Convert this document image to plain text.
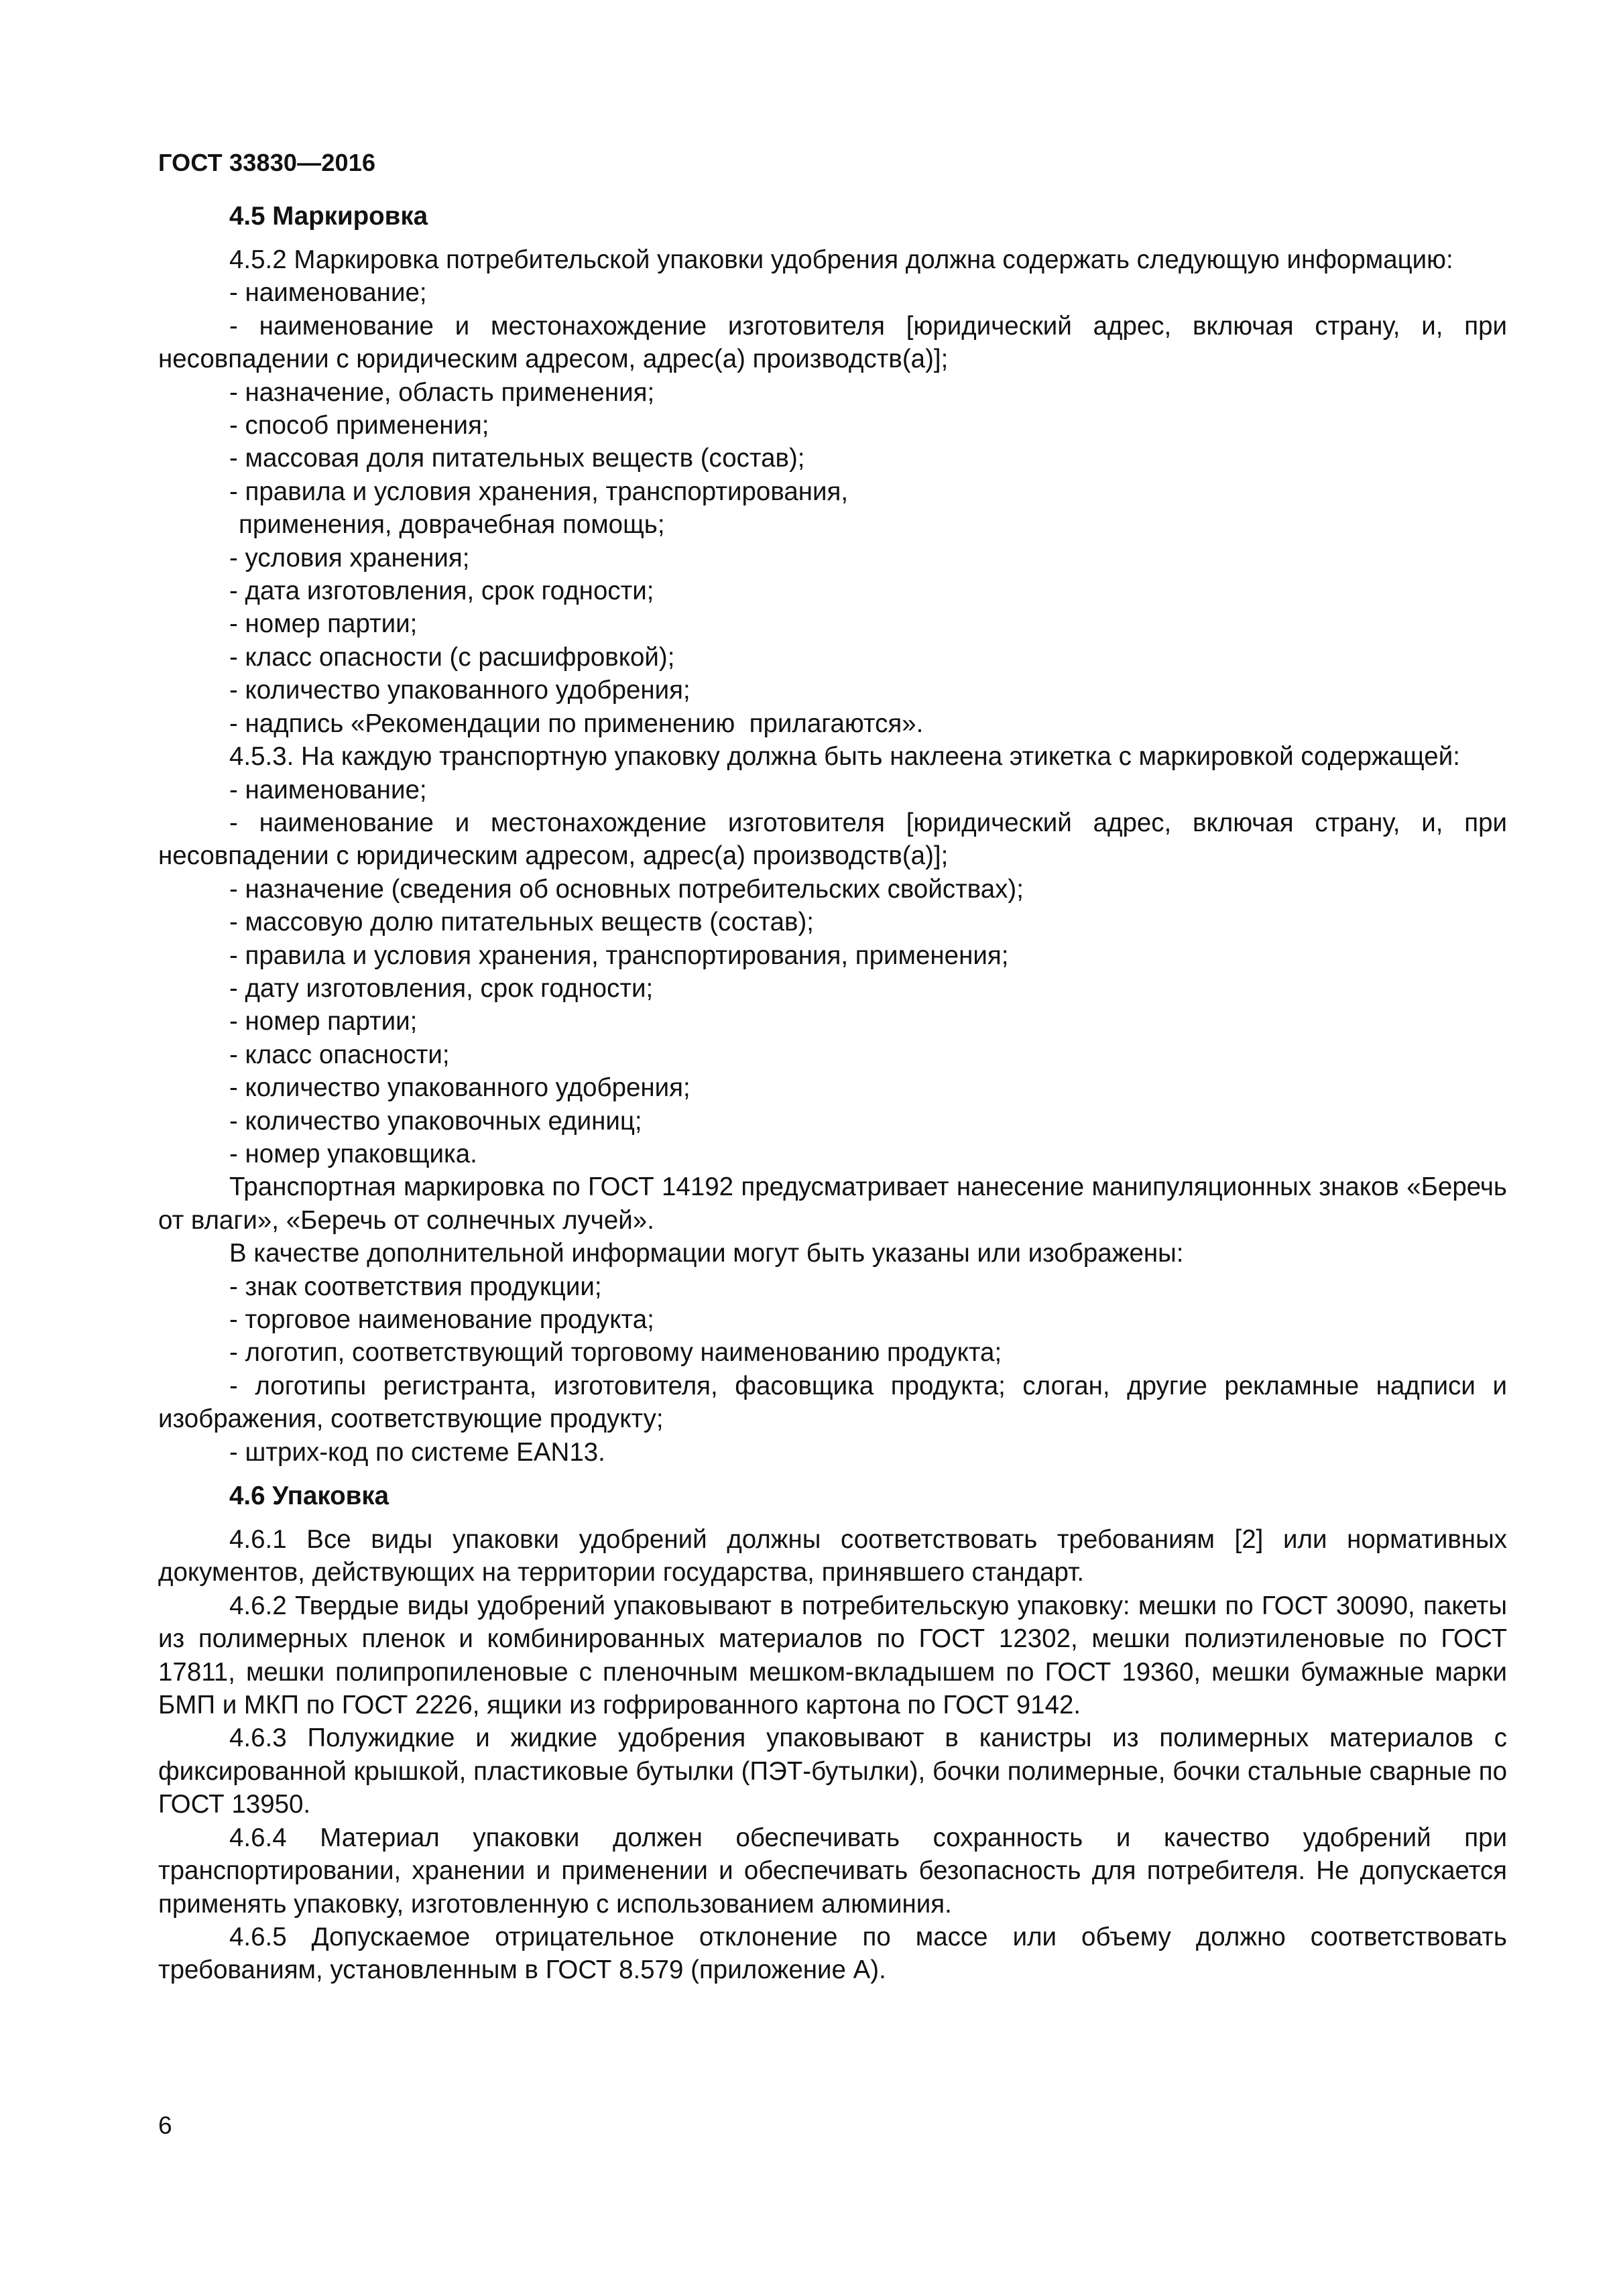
ГОСТ 33830—2016
4.5 Маркировка
4.5.2 Маркировка потребительской упаковки удобрения должна содержать следующую информацию:
- наименование;
- наименование и местонахождение изготовителя [юридический адрес, включая страну, и, при несовпадении с юридическим адресом, адрес(а) производств(а)];
- назначение, область применения;
- способ применения;
- массовая доля питательных веществ (состав);
- правила и условия хранения, транспортирования,
применения, доврачебная помощь;
- условия хранения;
- дата изготовления, срок годности;
- номер партии;
- класс опасности (с расшифровкой);
- количество упакованного удобрения;
- надпись «Рекомендации по применению  прилагаются».
4.5.3. На каждую транспортную упаковку должна быть наклеена этикетка с маркировкой содержащей:
- наименование;
- наименование и местонахождение изготовителя [юридический адрес, включая страну, и, при несовпадении с юридическим адресом, адрес(а) производств(а)];
- назначение (сведения об основных потребительских свойствах);
- массовую долю питательных веществ (состав);
- правила и условия хранения, транспортирования, применения;
- дату изготовления, срок годности;
- номер партии;
- класс опасности;
- количество упакованного удобрения;
- количество упаковочных единиц;
- номер упаковщика.
Транспортная маркировка по ГОСТ 14192 предусматривает нанесение манипуляционных знаков «Беречь от влаги», «Беречь от солнечных лучей».
В качестве дополнительной информации могут быть указаны или изображены:
- знак соответствия продукции;
- торговое наименование продукта;
- логотип, соответствующий торговому наименованию продукта;
- логотипы регистранта, изготовителя, фасовщика продукта; слоган, другие рекламные надписи и изображения, соответствующие продукту;
- штрих-код по системе EAN13.
4.6 Упаковка
4.6.1 Все виды упаковки удобрений должны соответствовать требованиям [2] или нормативных документов, действующих на территории государства, принявшего стандарт.
4.6.2 Твердые виды удобрений упаковывают в потребительскую упаковку: мешки по ГОСТ 30090, пакеты из полимерных пленок и комбинированных материалов по ГОСТ 12302, мешки полиэтиленовые по ГОСТ 17811, мешки полипропиленовые с пленочным мешком-вкладышем по ГОСТ 19360, мешки бумажные марки БМП и МКП по ГОСТ 2226, ящики из гофрированного картона по ГОСТ 9142.
4.6.3 Полужидкие и жидкие удобрения упаковывают в канистры из полимерных материалов с фиксированной крышкой, пластиковые бутылки (ПЭТ-бутылки), бочки полимерные, бочки стальные сварные по ГОСТ 13950.
4.6.4 Материал упаковки должен обеспечивать сохранность и качество удобрений при транспортировании, хранении и применении и обеспечивать безопасность для потребителя. Не допускается применять упаковку, изготовленную с использованием алюминия.
4.6.5 Допускаемое отрицательное отклонение по массе или объему должно соответствовать требованиям, установленным в ГОСТ 8.579 (приложение А).
6
